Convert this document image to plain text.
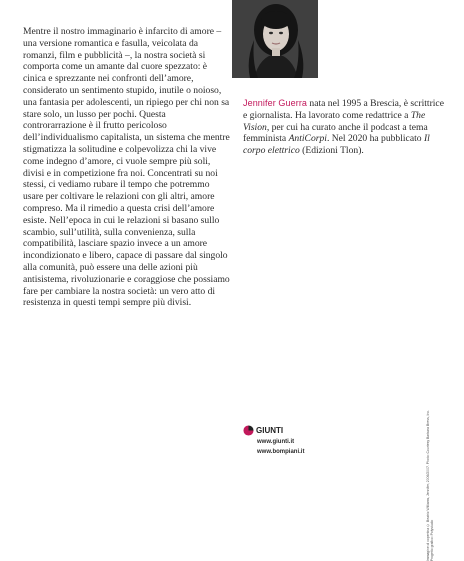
Mentre il nostro immaginario è infarcito di amore – una versione romantica e fasulla, veicolata da romanzi, film e pubblicità –, la nostra società si comporta come un amante dal cuore spezzato: è cinica e sprezzante nei confronti dell’amore, considerato un sentimento stupido, inutile o noioso, una fantasia per adolescenti, un ripiego per chi non sa stare solo, un lusso per pochi. Questa controrarrazione è il frutto pericoloso dell’individualismo capitalista, un sistema che mentre stigmatizza la solitudine e colpevolizza chi la vive come indegno d’amore, ci vuole sempre più soli, divisi e in competizione fra noi. Concentrati su noi stessi, ci vediamo rubare il tempo che potremmo usare per coltivare le relazioni con gli altri, amore compreso. Ma il rimedio a questa crisi dell’amore esiste. Nell’epoca in cui le relazioni si basano sullo scambio, sull’utilità, sulla convenienza, sulla compatibilità, lasciare spazio invece a un amore incondizionato e libero, capace di passare dal singolo alla comunità, può essere una delle azioni più antisistema, rivoluzionarie e coraggiose che possiamo fare per cambiare la nostra società: un vero atto di resistenza in questi tempi sempre più divisi.

Jennifer Guerra nata nel 1995 a Brescia, è scrittrice e giornalista. Ha lavorato come redattrice a The Vision, per cui ha curato anche il podcast a tema femminista AntiCorpi. Nel 2020 ha pubblicato Il corpo elettrico (Edizioni Tlon).

GIUNTI
www.giunti.it
www.bompiani.it	Immagine di copertina © Beatrix Williams, Jennifer, 2006/2007. Photo: Courtesy Barbara Bress, Inc. Progetto grafico: Polystudio
